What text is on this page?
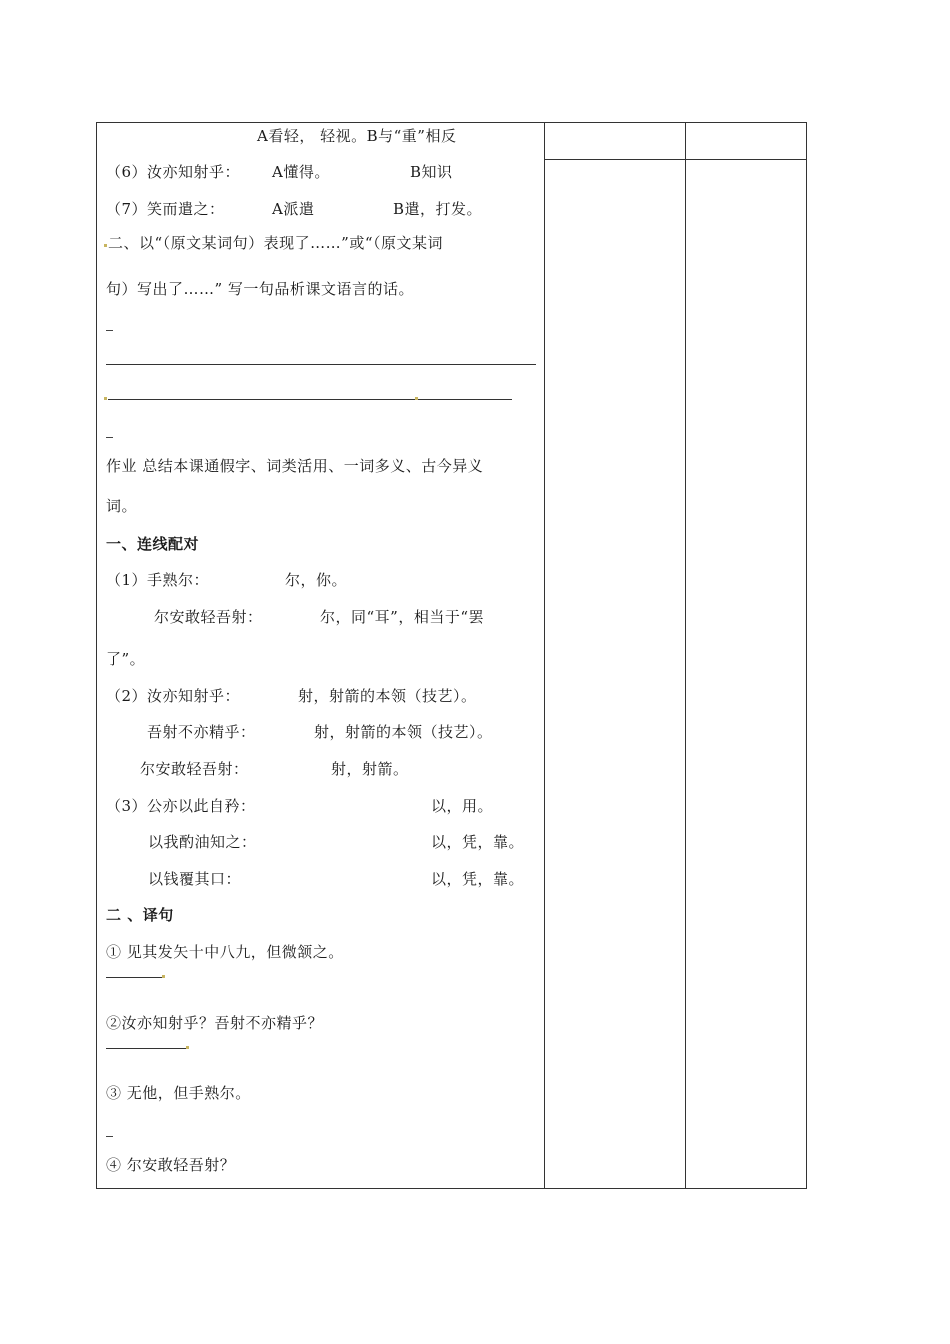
A看轻， 轻视。B与“重”相反
（6）汝亦知射乎： A懂得。	B知识
（7）笑而遣之：	A派遣	B遣，打发。
二、以“（原文某词句）表现了……”或“（原文某词
句）写出了……” 写一句品析课文语言的话。
作业 总结本课通假字、词类活用、一词多义、古今异义
词。
一、连线配对
（1）手熟尔：	尔，你。
尔安敢轻吾射：	尔，同“耳”，相当于“罢
了”。
（2）汝亦知射乎：	射，射箭的本领（技艺）。
吾射不亦精乎：	射，射箭的本领（技艺）。
尔安敢轻吾射：	射，射箭。
（3）公亦以此自矜：	以，用。
以我酌油知之：	以，凭，靠。
以钱覆其口：	以，凭，靠。
二 、译句
① 见其发矢十中八九，但微颔之。
②汝亦知射乎？吾射不亦精乎？
③ 无他，但手熟尔。
④ 尔安敢轻吾射？
